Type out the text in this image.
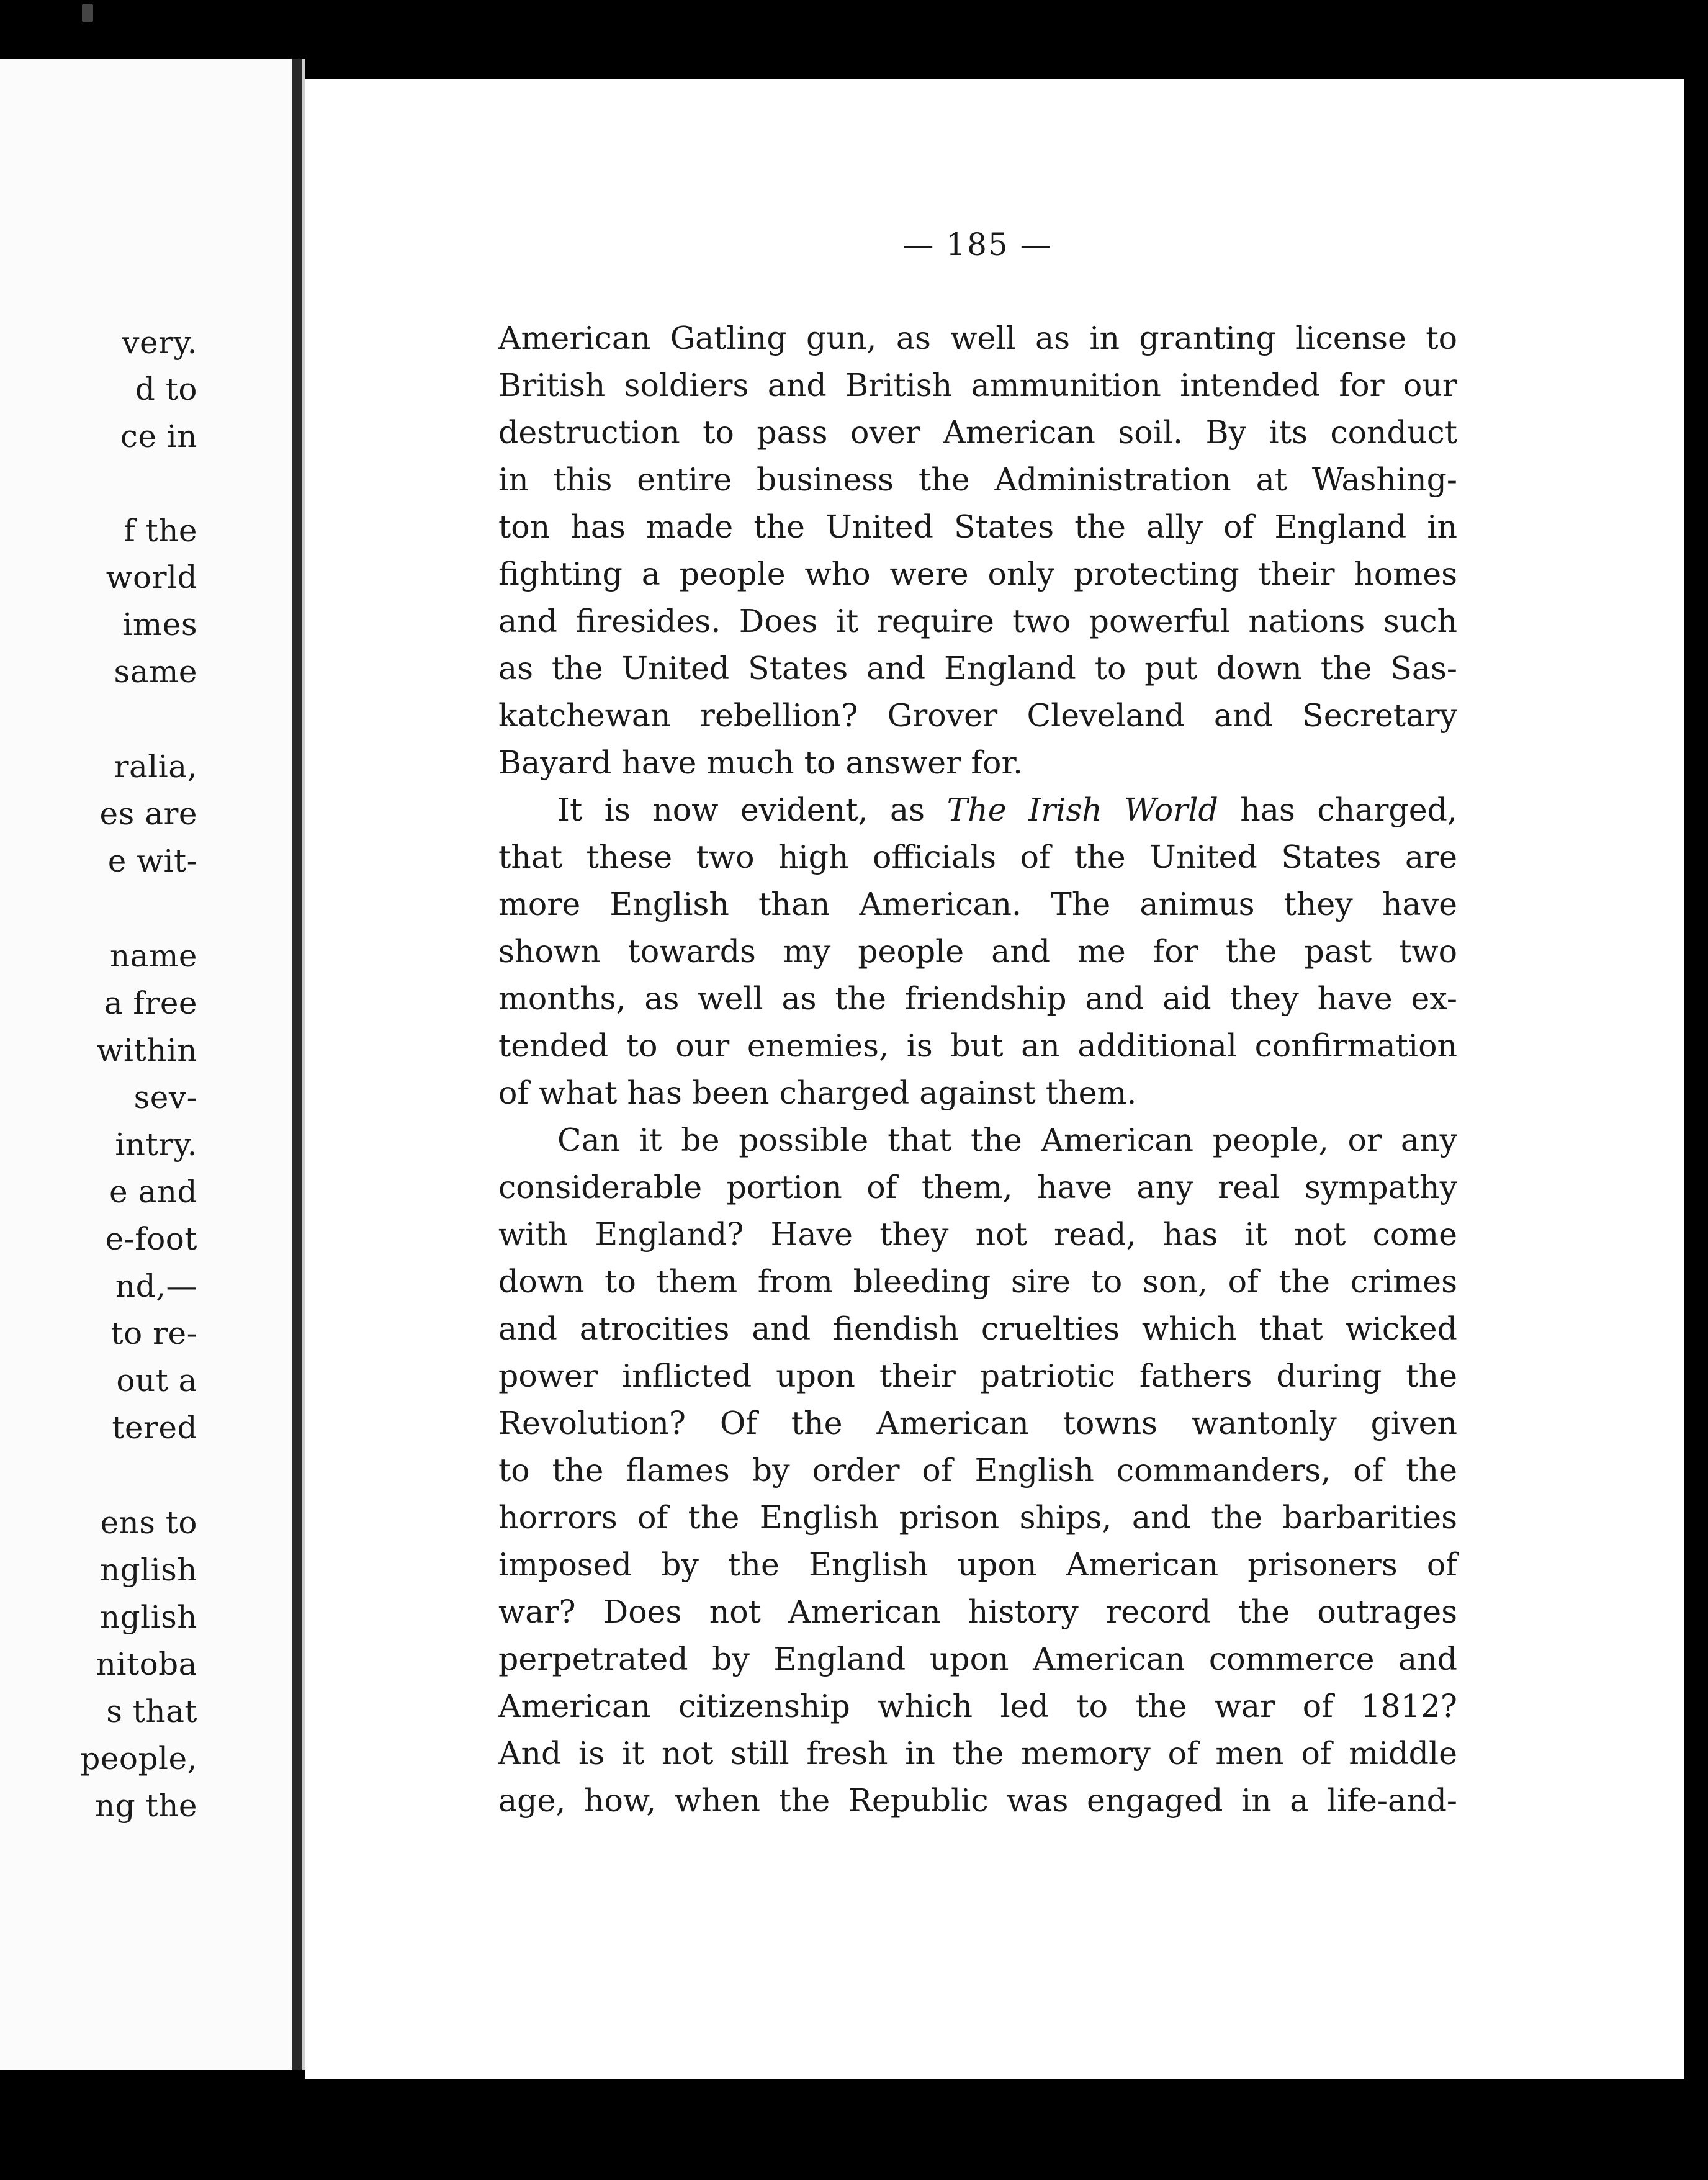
very.
d to
ce in
f the
world
imes
same
ralia,
es are
e wit-
name
a free
within
sev-
intry.
e and
e-foot
nd,—
to re-
out a
tered
ens to
nglish
nglish
nitoba
s that
people,
ng the
— 185 —
American Gatling gun, as well as in granting license to
British soldiers and British ammunition intended for our
destruction to pass over American soil. By its conduct
in this entire business the Administration at Washing-
ton has made the United States the ally of England in
fighting a people who were only protecting their homes
and firesides. Does it require two powerful nations such
as the United States and England to put down the Sas-
katchewan rebellion? Grover Cleveland and Secretary
Bayard have much to answer for.
It is now evident, as The Irish World has charged,
that these two high officials of the United States are
more English than American. The animus they have
shown towards my people and me for the past two
months, as well as the friendship and aid they have ex-
tended to our enemies, is but an additional confirmation
of what has been charged against them.
Can it be possible that the American people, or any
considerable portion of them, have any real sympathy
with England? Have they not read, has it not come
down to them from bleeding sire to son, of the crimes
and atrocities and fiendish cruelties which that wicked
power inflicted upon their patriotic fathers during the
Revolution? Of the American towns wantonly given
to the flames by order of English commanders, of the
horrors of the English prison ships, and the barbarities
imposed by the English upon American prisoners of
war? Does not American history record the outrages
perpetrated by England upon American commerce and
American citizenship which led to the war of 1812?
And is it not still fresh in the memory of men of middle
age, how, when the Republic was engaged in a life-and-
